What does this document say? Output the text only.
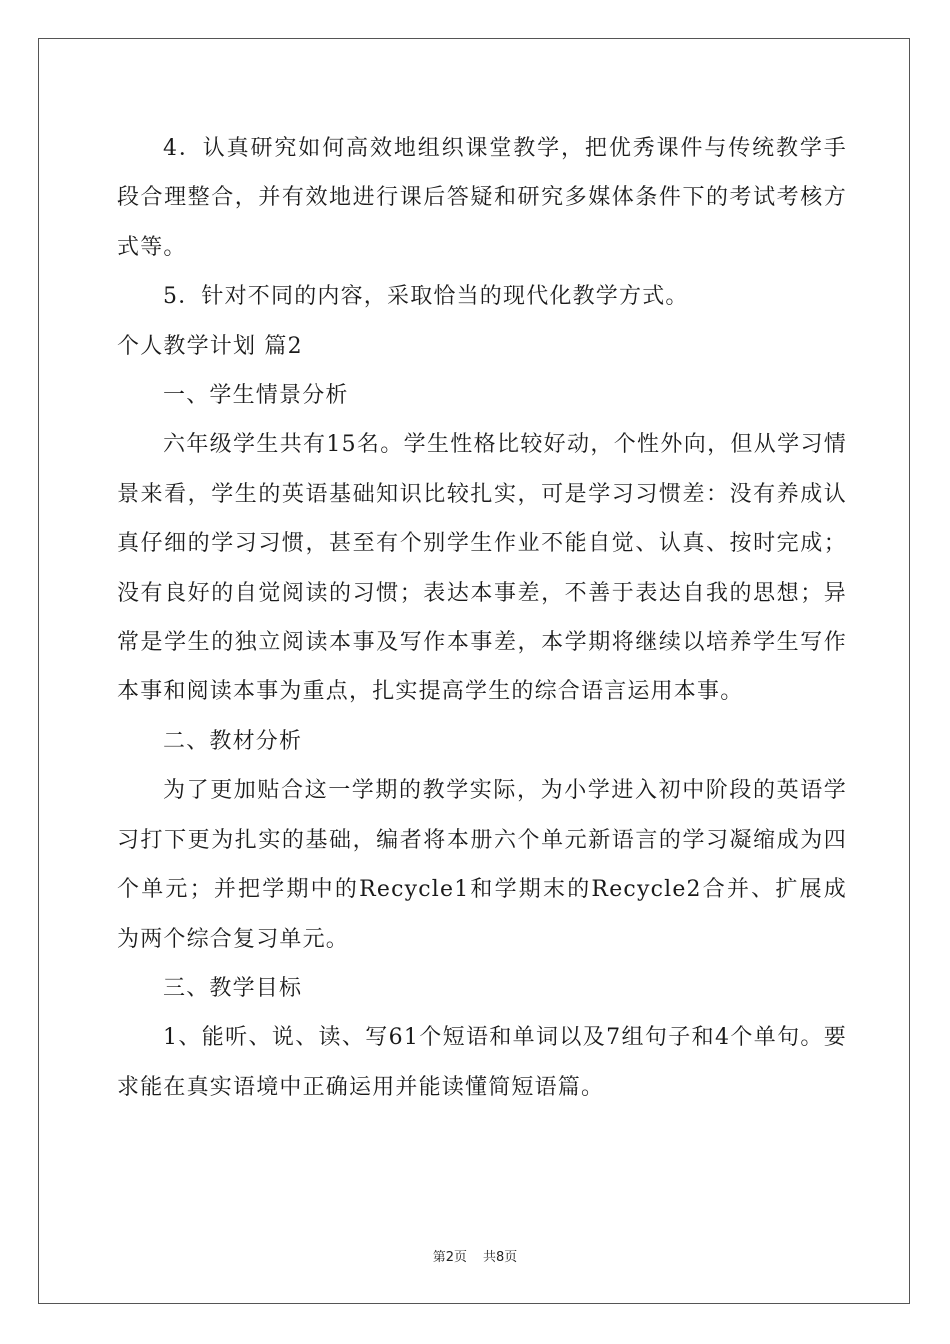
4．认真研究如何高效地组织课堂教学，把优秀课件与传统教学手段合理整合，并有效地进行课后答疑和研究多媒体条件下的考试考核方式等。

5．针对不同的内容，采取恰当的现代化教学方式。

个人教学计划 篇2

一、学生情景分析

六年级学生共有15名。学生性格比较好动，个性外向，但从学习情景来看，学生的英语基础知识比较扎实，可是学习习惯差：没有养成认真仔细的学习习惯，甚至有个别学生作业不能自觉、认真、按时完成；没有良好的自觉阅读的习惯；表达本事差，不善于表达自我的思想；异常是学生的独立阅读本事及写作本事差，本学期将继续以培养学生写作本事和阅读本事为重点，扎实提高学生的综合语言运用本事。

二、教材分析

为了更加贴合这一学期的教学实际，为小学进入初中阶段的英语学习打下更为扎实的基础，编者将本册六个单元新语言的学习凝缩成为四个单元；并把学期中的Recycle1和学期末的Recycle2合并、扩展成为两个综合复习单元。

三、教学目标

1、能听、说、读、写61个短语和单词以及7组句子和4个单句。要求能在真实语境中正确运用并能读懂简短语篇。

第2页 共8页
